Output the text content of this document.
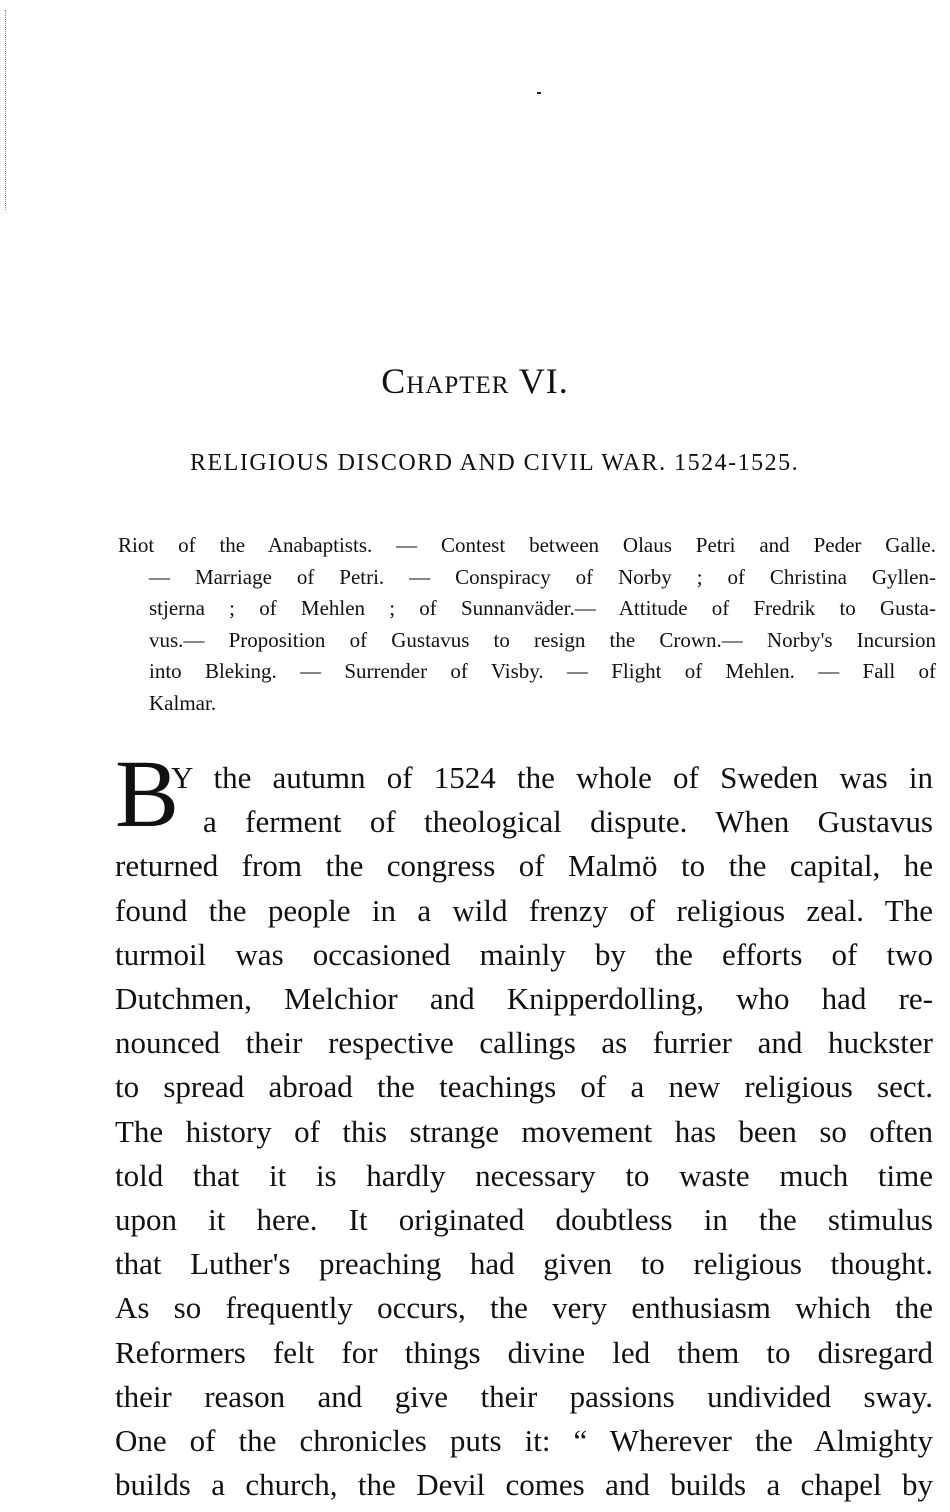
Chapter VI.
RELIGIOUS DISCORD AND CIVIL WAR. 1524-1525.
Riot of the Anabaptists. — Contest between Olaus Petri and Peder Galle.
— Marriage of Petri. — Conspiracy of Norby ; of Christina Gyllen-
stjerna ; of Mehlen ; of Sunnanväder.— Attitude of Fredrik to Gusta-
vus.— Proposition of Gustavus to resign the Crown.— Norby's Incursion
into Bleking. — Surrender of Visby. — Flight of Mehlen. — Fall of
Kalmar.
B
Y the autumn of 1524 the whole of Sweden was in
a ferment of theological dispute. When Gustavus
returned from the congress of Malmö to the capital, he
found the people in a wild frenzy of religious zeal. The
turmoil was occasioned mainly by the efforts of two
Dutchmen, Melchior and Knipperdolling, who had re-
nounced their respective callings as furrier and huckster
to spread abroad the teachings of a new religious sect.
The history of this strange movement has been so often
told that it is hardly necessary to waste much time
upon it here. It originated doubtless in the stimulus
that Luther's preaching had given to religious thought.
As so frequently occurs, the very enthusiasm which the
Reformers felt for things divine led them to disregard
their reason and give their passions undivided sway.
One of the chronicles puts it: “ Wherever the Almighty
builds a church, the Devil comes and builds a chapel by
